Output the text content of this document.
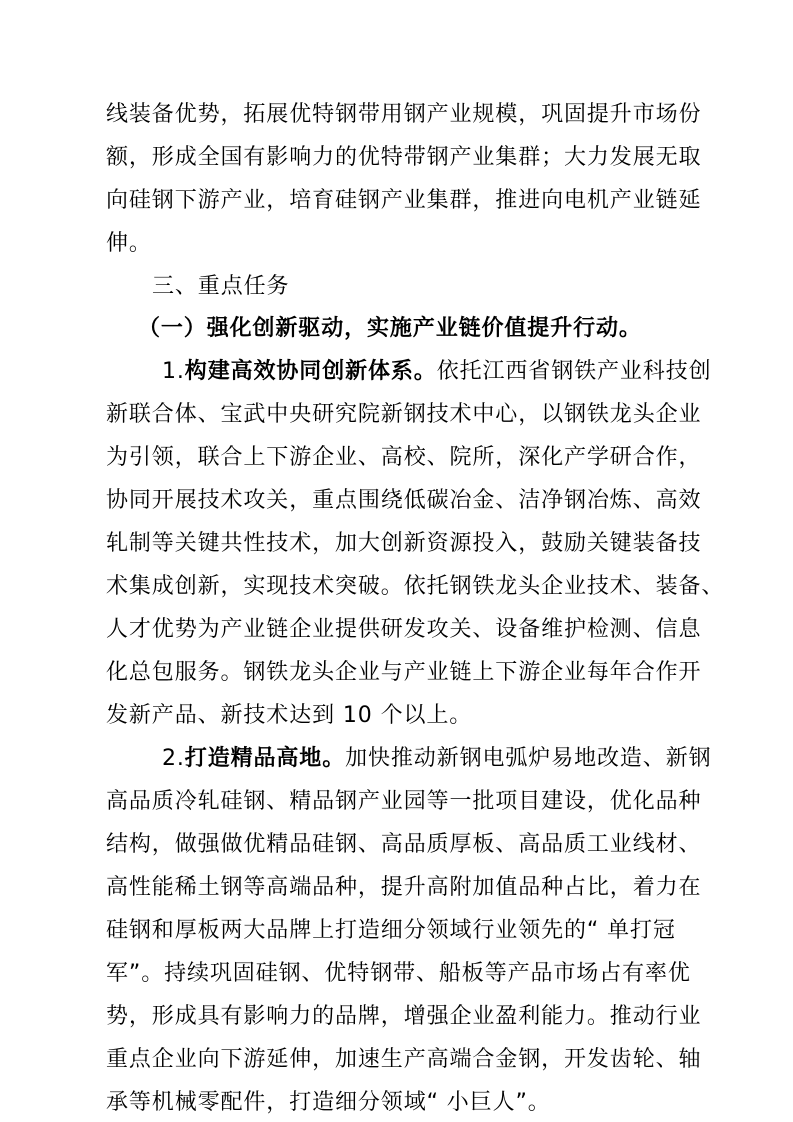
线装备优势，拓展优特钢带用钢产业规模，巩固提升市场份
额，形成全国有影响力的优特带钢产业集群；大力发展无取
向硅钢下游产业，培育硅钢产业集群，推进向电机产业链延
伸。
三、重点任务
（一）强化创新驱动，实施产业链价值提升行动。
1.构建高效协同创新体系。依托江西省钢铁产业科技创
新联合体、宝武中央研究院新钢技术中心，以钢铁龙头企业
为引领，联合上下游企业、高校、院所，深化产学研合作，
协同开展技术攻关，重点围绕低碳冶金、洁净钢冶炼、高效
轧制等关键共性技术，加大创新资源投入，鼓励关键装备技
术集成创新，实现技术突破。依托钢铁龙头企业技术、装备、
人才优势为产业链企业提供研发攻关、设备维护检测、信息
化总包服务。钢铁龙头企业与产业链上下游企业每年合作开
发新产品、新技术达到 10 个以上。
2.打造精品高地。加快推动新钢电弧炉易地改造、新钢
高品质冷轧硅钢、精品钢产业园等一批项目建设，优化品种
结构，做强做优精品硅钢、高品质厚板、高品质工业线材、
高性能稀土钢等高端品种，提升高附加值品种占比，着力在
硅钢和厚板两大品牌上打造细分领域行业领先的“ 单打冠
军”。持续巩固硅钢、优特钢带、船板等产品市场占有率优
势，形成具有影响力的品牌，增强企业盈利能力。推动行业
重点企业向下游延伸，加速生产高端合金钢，开发齿轮、轴
承等机械零配件，打造细分领域“ 小巨人”。
